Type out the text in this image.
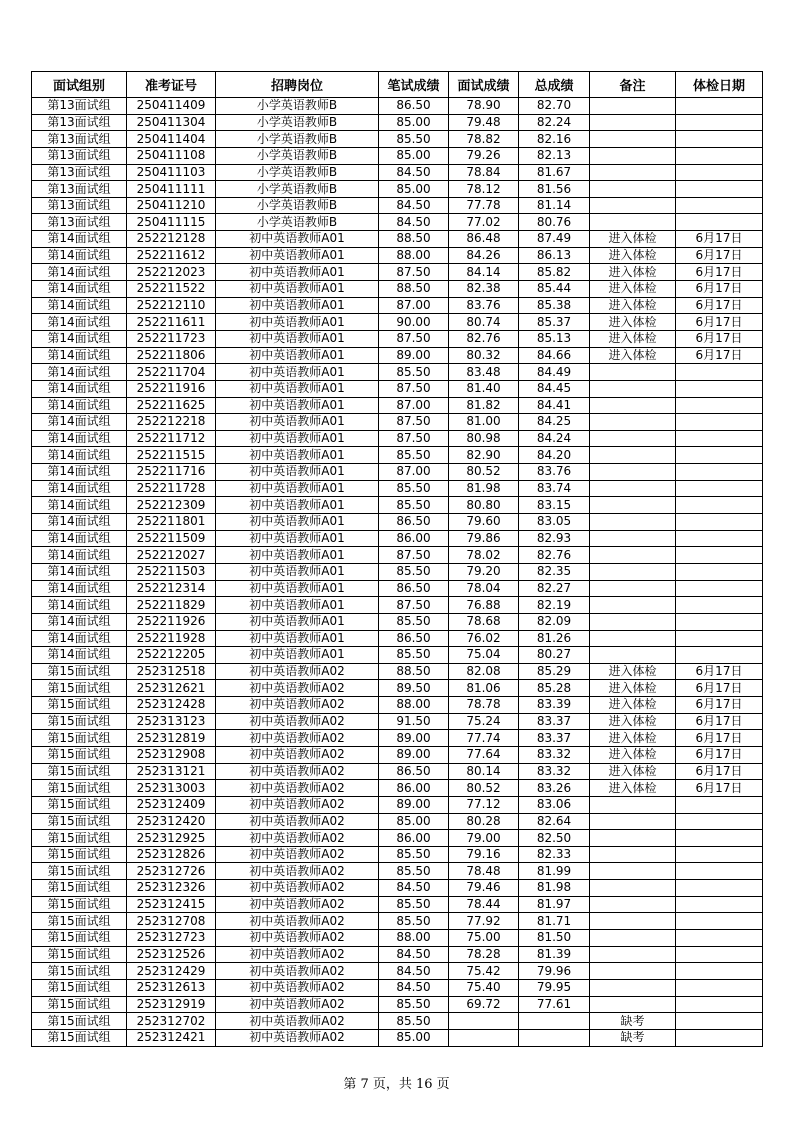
面试组别	准考证号	招聘岗位	笔试成绩	面试成绩	总成绩	备注	体检日期
第13面试组	250411409	小学英语教师B	86.50	78.90	82.70		
第13面试组	250411304	小学英语教师B	85.00	79.48	82.24		
第13面试组	250411404	小学英语教师B	85.50	78.82	82.16		
第13面试组	250411108	小学英语教师B	85.00	79.26	82.13		
第13面试组	250411103	小学英语教师B	84.50	78.84	81.67		
第13面试组	250411111	小学英语教师B	85.00	78.12	81.56		
第13面试组	250411210	小学英语教师B	84.50	77.78	81.14		
第13面试组	250411115	小学英语教师B	84.50	77.02	80.76		
第14面试组	252212128	初中英语教师A01	88.50	86.48	87.49	进入体检	6月17日
第14面试组	252211612	初中英语教师A01	88.00	84.26	86.13	进入体检	6月17日
第14面试组	252212023	初中英语教师A01	87.50	84.14	85.82	进入体检	6月17日
第14面试组	252211522	初中英语教师A01	88.50	82.38	85.44	进入体检	6月17日
第14面试组	252212110	初中英语教师A01	87.00	83.76	85.38	进入体检	6月17日
第14面试组	252211611	初中英语教师A01	90.00	80.74	85.37	进入体检	6月17日
第14面试组	252211723	初中英语教师A01	87.50	82.76	85.13	进入体检	6月17日
第14面试组	252211806	初中英语教师A01	89.00	80.32	84.66	进入体检	6月17日
第14面试组	252211704	初中英语教师A01	85.50	83.48	84.49		
第14面试组	252211916	初中英语教师A01	87.50	81.40	84.45		
第14面试组	252211625	初中英语教师A01	87.00	81.82	84.41		
第14面试组	252212218	初中英语教师A01	87.50	81.00	84.25		
第14面试组	252211712	初中英语教师A01	87.50	80.98	84.24		
第14面试组	252211515	初中英语教师A01	85.50	82.90	84.20		
第14面试组	252211716	初中英语教师A01	87.00	80.52	83.76		
第14面试组	252211728	初中英语教师A01	85.50	81.98	83.74		
第14面试组	252212309	初中英语教师A01	85.50	80.80	83.15		
第14面试组	252211801	初中英语教师A01	86.50	79.60	83.05		
第14面试组	252211509	初中英语教师A01	86.00	79.86	82.93		
第14面试组	252212027	初中英语教师A01	87.50	78.02	82.76		
第14面试组	252211503	初中英语教师A01	85.50	79.20	82.35		
第14面试组	252212314	初中英语教师A01	86.50	78.04	82.27		
第14面试组	252211829	初中英语教师A01	87.50	76.88	82.19		
第14面试组	252211926	初中英语教师A01	85.50	78.68	82.09		
第14面试组	252211928	初中英语教师A01	86.50	76.02	81.26		
第14面试组	252212205	初中英语教师A01	85.50	75.04	80.27		
第15面试组	252312518	初中英语教师A02	88.50	82.08	85.29	进入体检	6月17日
第15面试组	252312621	初中英语教师A02	89.50	81.06	85.28	进入体检	6月17日
第15面试组	252312428	初中英语教师A02	88.00	78.78	83.39	进入体检	6月17日
第15面试组	252313123	初中英语教师A02	91.50	75.24	83.37	进入体检	6月17日
第15面试组	252312819	初中英语教师A02	89.00	77.74	83.37	进入体检	6月17日
第15面试组	252312908	初中英语教师A02	89.00	77.64	83.32	进入体检	6月17日
第15面试组	252313121	初中英语教师A02	86.50	80.14	83.32	进入体检	6月17日
第15面试组	252313003	初中英语教师A02	86.00	80.52	83.26	进入体检	6月17日
第15面试组	252312409	初中英语教师A02	89.00	77.12	83.06		
第15面试组	252312420	初中英语教师A02	85.00	80.28	82.64		
第15面试组	252312925	初中英语教师A02	86.00	79.00	82.50		
第15面试组	252312826	初中英语教师A02	85.50	79.16	82.33		
第15面试组	252312726	初中英语教师A02	85.50	78.48	81.99		
第15面试组	252312326	初中英语教师A02	84.50	79.46	81.98		
第15面试组	252312415	初中英语教师A02	85.50	78.44	81.97		
第15面试组	252312708	初中英语教师A02	85.50	77.92	81.71		
第15面试组	252312723	初中英语教师A02	88.00	75.00	81.50		
第15面试组	252312526	初中英语教师A02	84.50	78.28	81.39		
第15面试组	252312429	初中英语教师A02	84.50	75.42	79.96		
第15面试组	252312613	初中英语教师A02	84.50	75.40	79.95		
第15面试组	252312919	初中英语教师A02	85.50	69.72	77.61		
第15面试组	252312702	初中英语教师A02	85.50			缺考	
第15面试组	252312421	初中英语教师A02	85.00			缺考	
第 7 页，共 16 页
